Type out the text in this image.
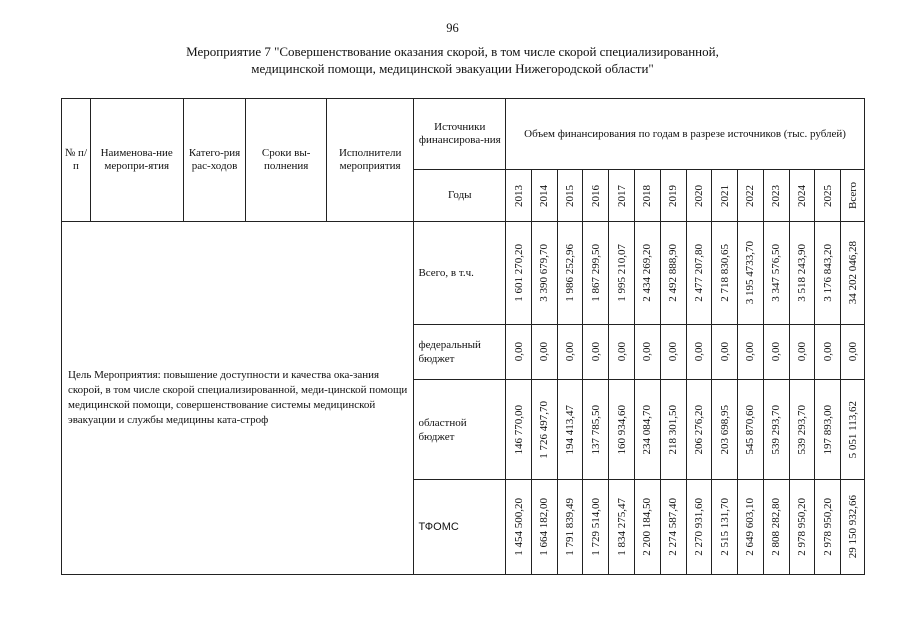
96
Мероприятие 7 "Совершенствование оказания скорой, в том числе скорой специализированной,
медицинской помощи, медицинской эвакуации Нижегородской области"
№ п/п	Наименова-ние меропри-ятия	Катего-рия рас-ходов	Сроки вы-полнения	Исполнители мероприятия	Источники финансирова-ния	Объем финансирования по годам в разрезе источников (тыс. рублей)													
					Годы	2013	2014	2015	2016	2017	2018	2019	2020	2021	2022	2023	2024	2025	Всего

Цель Мероприятия: повышение доступности и качества ока-зания скорой, в том числе скорой специализированной, меди-цинской помощи медицинской помощи, совершенствование системы медицинской эвакуации и службы медицины ката-строф					Всего, в т.ч.	1 601 270,20	3 390 679,70	1 986 252,96	1 867 299,50	1 995 210,07	2 434 269,20	2 492 888,90	2 477 207,80	2 718 830,65	3 195 4733,70	3 347 576,50	3 518 243,90	3 176 843,20	34 202 046,28

					федеральный бюджет	0,00	0,00	0,00	0,00	0,00	0,00	0,00	0,00	0,00	0,00	0,00	0,00	0,00	0,00

					областной бюджет	146 770,00	1 726 497,70	194 413,47	137 785,50	160 934,60	234 084,70	218 301,50	206 276,20	203 698,95	545 870,60	539 293,70	539 293,70	197 893,00	5 051 113,62

					ТФОМС	1 454 500,20	1 664 182,00	1 791 839,49	1 729 514,00	1 834 275,47	2 200 184,50	2 274 587,40	2 270 931,60	2 515 131,70	2 649 603,10	2 808 282,80	2 978 950,20	2 978 950,20	29 150 932,66
